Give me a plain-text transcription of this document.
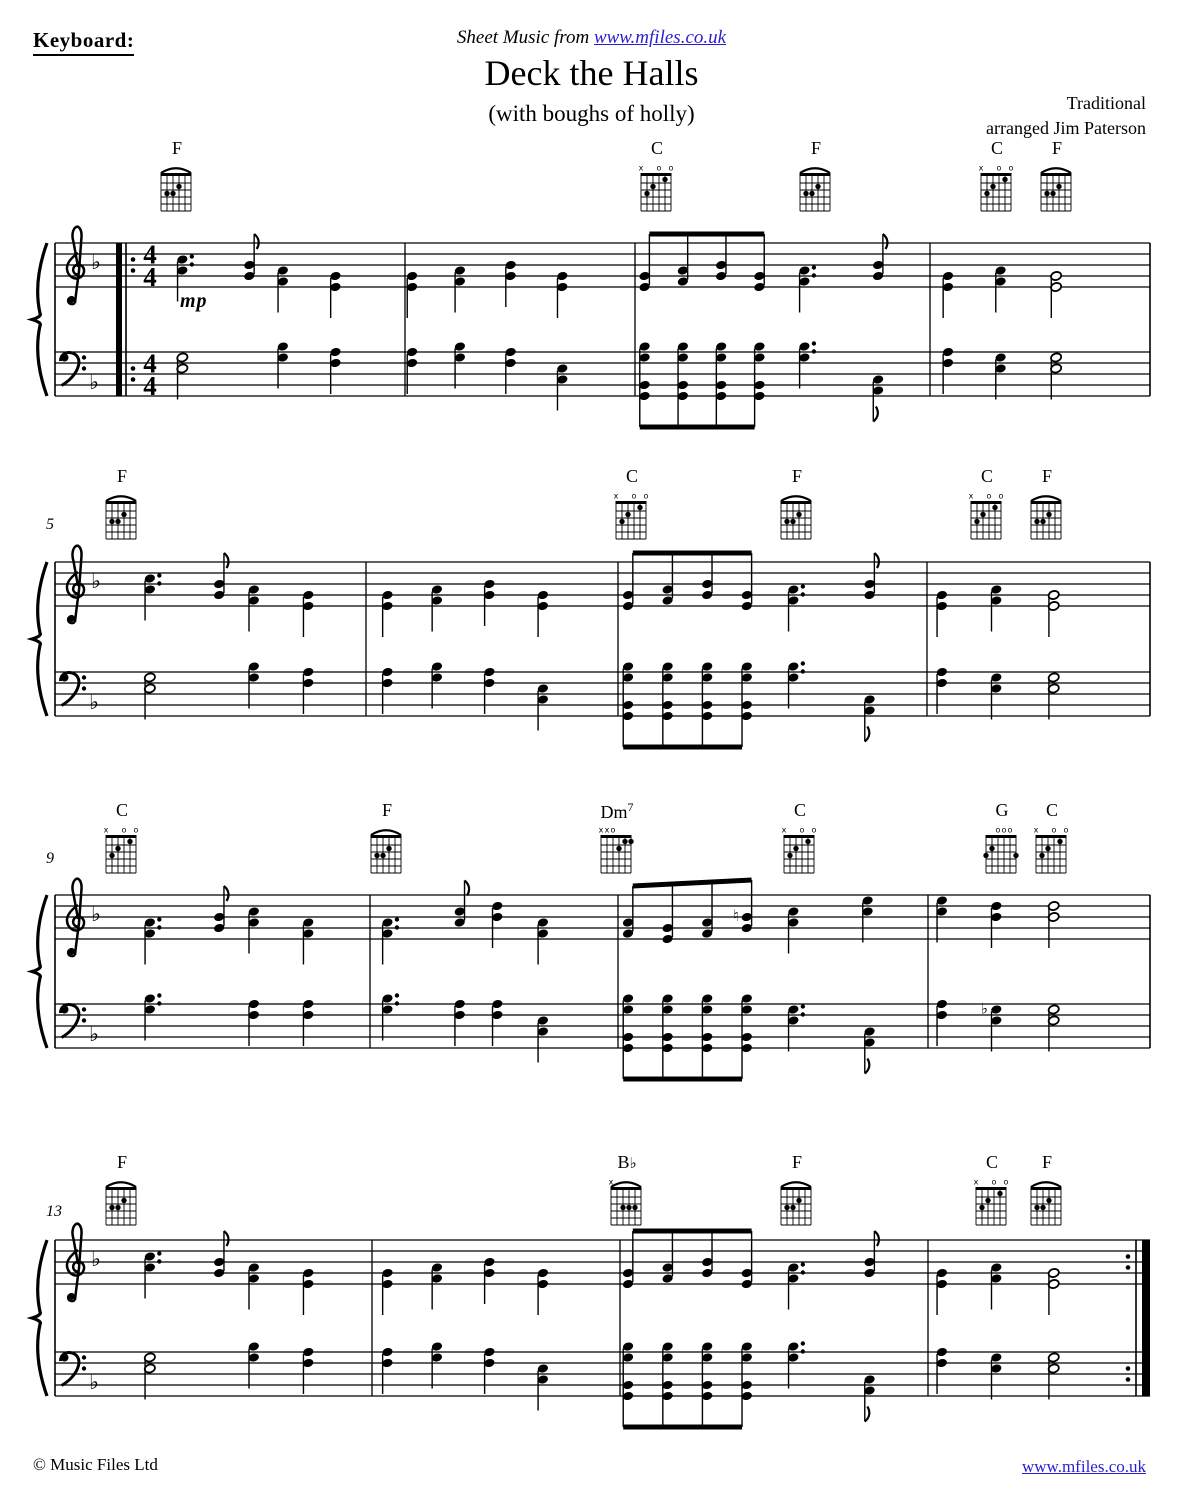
♭
♭
4
4
4
4
♭
♭
♭
♭
♮
♭
♭
♭
Keyboard:	Sheet Music from www.mfiles.co.uk
Deck the Halls
(with boughs of holly)	Traditional
arranged Jim Paterson
F	C
x o o
F	C
x o o
F
mp
F	C
x o o
F	C
x o o
F
5
C
x o o
F	Dm$^7$
x x o
C
x o o
G
o o o
C
x o o
9
F	B♭
x
F	C
x o o
F
13
© Music Files Ltd	www.mfiles.co.uk
